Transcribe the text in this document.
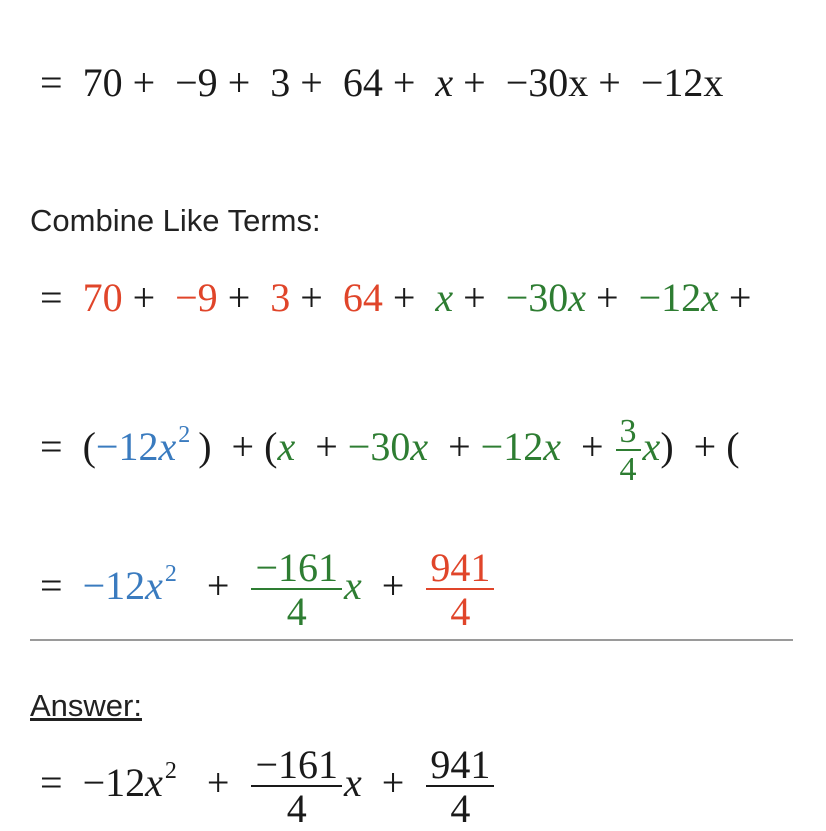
= 70 + −9 + 3 + 64 + x + −30x + −12x
Combine Like Terms:
= 70 + −9 + 3 + 64 + x + −30x + −12x +
= ($-12x^2$ ) + $(x + -30x + -12x + \frac{3}{4} x)$ + (
= $-12x^2 + \frac{-161}{4}$ $x + \frac{941}{4}$
Answer:
= $-12x^2 + \frac{-161}{4}$ $x + \frac{941}{4}$
